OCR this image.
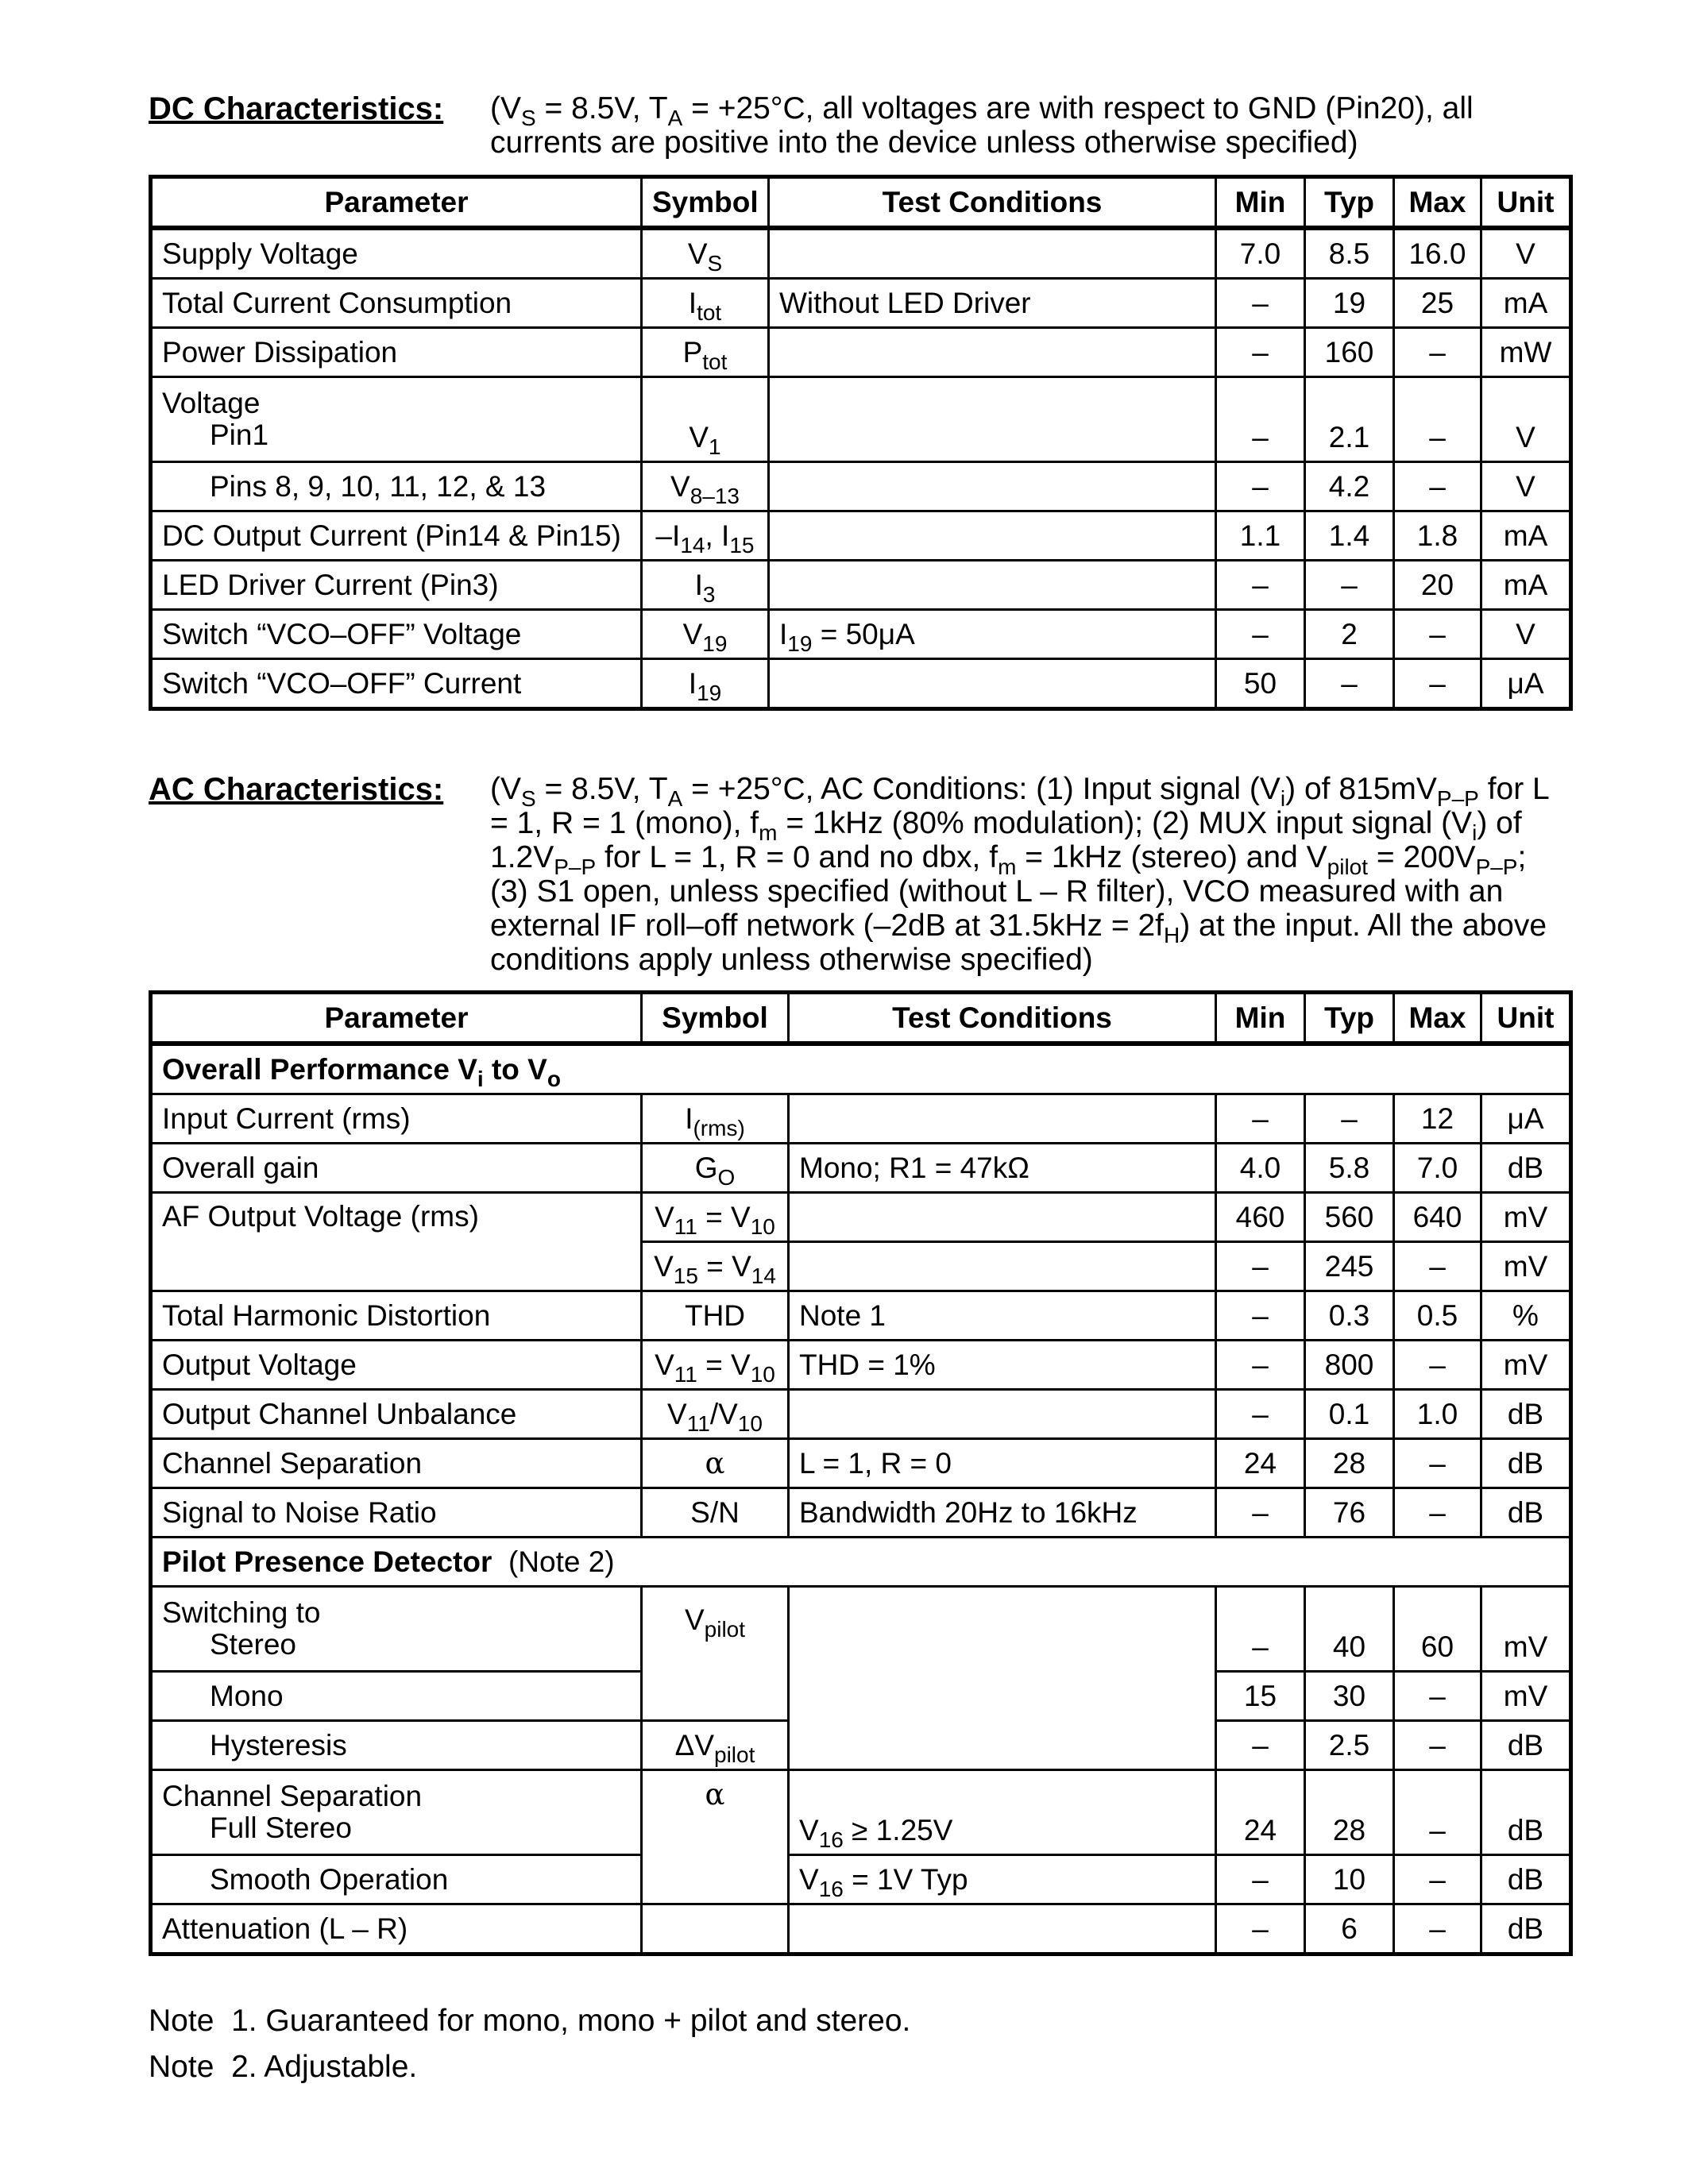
DC Characteristics: ($V_S = 8.5V$, $T_A = +25^\circ C$, all voltages are with respect to GND (Pin20), all currents are positive into the device unless otherwise specified)
Parameter	Symbol	Test Conditions	Min	Typ	Max	Unit
Supply Voltage	$V_S$		7.0	8.5	16.0	V
Total Current Consumption	$I_{tot}$	Without LED Driver	–	19	25	mA
Power Dissipation	$P_{tot}$		–	160	–	mW

Voltage
Pin1	$V_1$		–	2.1	–	V
Pins 8, 9, 10, 11, 12, & 13	$V_{8-13}$		–	4.2	–	V
DC Output Current (Pin14 & Pin15)	$-I_{14}$, $I_{15}$		1.1	1.4	1.8	mA
LED Driver Current (Pin3)	$I_3$		–	–	20	mA
Switch “VCO–OFF” Voltage	$V_{19}$	$I_{19} = 50\mu A$	–	2	–	V
Switch “VCO–OFF” Current	$I_{19}$		50	–	–	μA
AC Characteristics: ($V_S = 8.5V$, $T_A = +25^\circ C$, AC Conditions: (1) Input signal $(V_i)$ of $815mV_{P-P}$ for L = 1, R = 1 (mono), $f_m = 1kHz$ (80% modulation); (2) MUX input signal $(V_i)$ of $1.2V_{P-P}$ for L = 1, R = 0 and no dbx, $f_m = 1kHz$ (stereo) and $V_{pilot} = 200V_{P-P}$; (3) S1 open, unless specified (without L – R filter), VCO measured with an external IF roll–off network (–2dB at $31.5kHz = 2f_H$) at the input. All the above conditions apply unless otherwise specified)
Parameter	Symbol	Test Conditions	Min	Typ	Max	Unit
Overall Performance $V_i$ to $V_o$
Input Current (rms)	$I_{(rms)}$		–	–	12	μA
Overall gain	$G_O$	Mono; R1 = 47kΩ	4.0	5.8	7.0	dB
AF Output Voltage (rms)	$V_{11} = V_{10}$		460	560	640	mV
	$V_{15} = V_{14}$		–	245	–	mV
Total Harmonic Distortion	THD	Note 1	–	0.3	0.5	%
Output Voltage	$V_{11} = V_{10}$	THD = 1%	–	800	–	mV
Output Channel Unbalance	$V_{11}/V_{10}$		–	0.1	1.0	dB
Channel Separation	α	L = 1, R = 0	24	28	–	dB
Signal to Noise Ratio	S/N	Bandwidth 20Hz to 16kHz	–	76	–	dB
Pilot Presence Detector  (Note 2)						

Switching to
Stereo	$V_{pilot}$		–	40	60	mV
Mono			15	30	–	mV
Hysteresis	$\Delta V_{pilot}$		–	2.5	–	dB

Channel Separation
Full Stereo	α	$V_{16} \ge 1.25V$	24	28	–	dB
Smooth Operation		$V_{16} = 1V$ Typ	–	10	–	dB
Attenuation (L – R)			–	6	–	dB
Note 1. Guaranteed for mono, mono + pilot and stereo.
Note 2. Adjustable.
